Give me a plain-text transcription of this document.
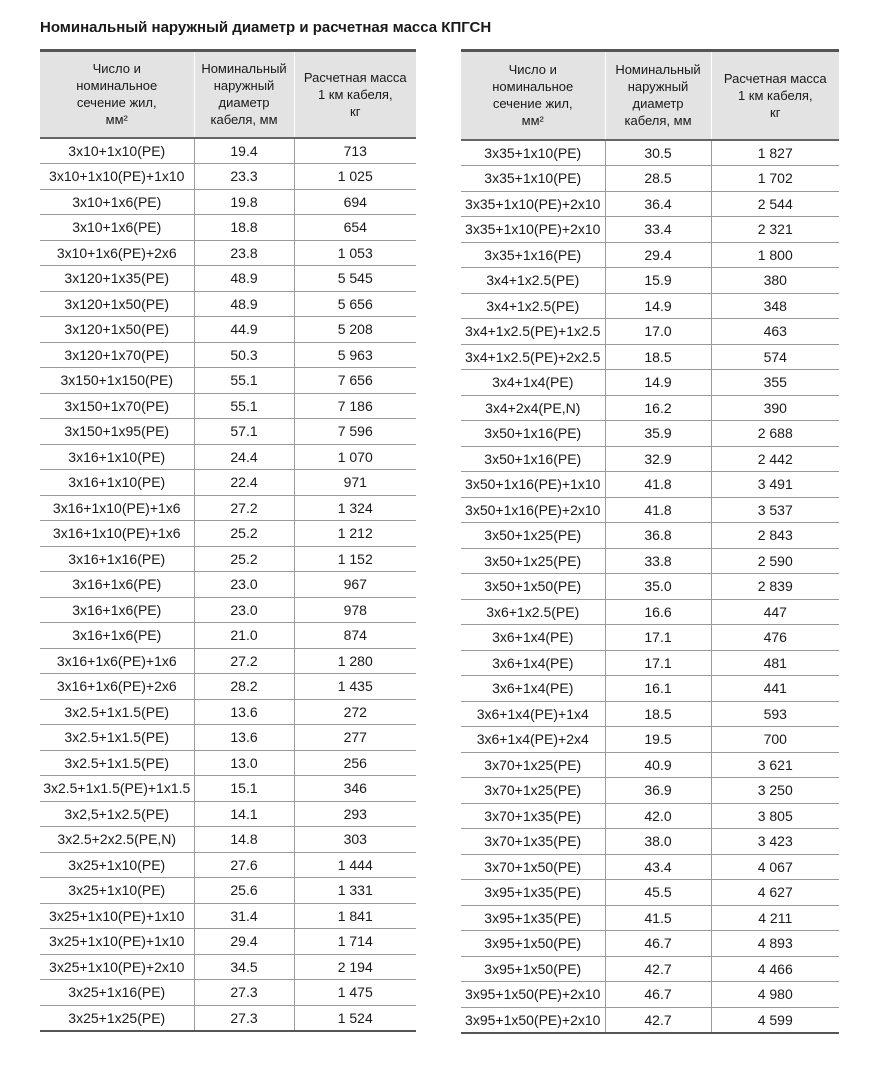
Номинальный наружный диаметр и расчетная масса КПГСН
Число и
номинальное
сечение жил,
мм²	Номинальный
наружный
диаметр
кабеля, мм	Расчетная масса
1 км кабеля,
кг

3x10+1x10(PE)	19.4	713
3x10+1x10(PE)+1x10	23.3	1 025
3x10+1x6(PE)	19.8	694
3x10+1x6(PE)	18.8	654
3x10+1x6(PE)+2x6	23.8	1 053
3x120+1x35(PE)	48.9	5 545
3x120+1x50(PE)	48.9	5 656
3x120+1x50(PE)	44.9	5 208
3x120+1x70(PE)	50.3	5 963
3x150+1x150(PE)	55.1	7 656
3x150+1x70(PE)	55.1	7 186
3x150+1x95(PE)	57.1	7 596
3x16+1x10(PE)	24.4	1 070
3x16+1x10(PE)	22.4	971
3x16+1x10(PE)+1x6	27.2	1 324
3x16+1x10(PE)+1x6	25.2	1 212
3x16+1x16(PE)	25.2	1 152
3x16+1x6(PE)	23.0	967
3x16+1x6(PE)	23.0	978
3x16+1x6(PE)	21.0	874
3x16+1x6(PE)+1x6	27.2	1 280
3x16+1x6(PE)+2x6	28.2	1 435
3x2.5+1x1.5(PE)	13.6	272
3x2.5+1x1.5(PE)	13.6	277
3x2.5+1x1.5(PE)	13.0	256
3x2.5+1x1.5(PE)+1x1.5	15.1	346
3x2,5+1x2.5(PE)	14.1	293
3x2.5+2x2.5(PE,N)	14.8	303
3x25+1x10(PE)	27.6	1 444
3x25+1x10(PE)	25.6	1 331
3x25+1x10(PE)+1x10	31.4	1 841
3x25+1x10(PE)+1x10	29.4	1 714
3x25+1x10(PE)+2x10	34.5	2 194
3x25+1x16(PE)	27.3	1 475
3x25+1x25(PE)	27.3	1 524
Число и
номинальное
сечение жил,
мм²	Номинальный
наружный
диаметр
кабеля, мм	Расчетная масса
1 км кабеля,
кг

3x35+1x10(PE)	30.5	1 827
3x35+1x10(PE)	28.5	1 702
3x35+1x10(PE)+2x10	36.4	2 544
3x35+1x10(PE)+2x10	33.4	2 321
3x35+1x16(PE)	29.4	1 800
3x4+1x2.5(PE)	15.9	380
3x4+1x2.5(PE)	14.9	348
3x4+1x2.5(PE)+1x2.5	17.0	463
3x4+1x2.5(PE)+2x2.5	18.5	574
3x4+1x4(PE)	14.9	355
3x4+2x4(PE,N)	16.2	390
3x50+1x16(PE)	35.9	2 688
3x50+1x16(PE)	32.9	2 442
3x50+1x16(PE)+1x10	41.8	3 491
3x50+1x16(PE)+2x10	41.8	3 537
3x50+1x25(PE)	36.8	2 843
3x50+1x25(PE)	33.8	2 590
3x50+1x50(PE)	35.0	2 839
3x6+1x2.5(PE)	16.6	447
3x6+1x4(PE)	17.1	476
3x6+1x4(PE)	17.1	481
3x6+1x4(PE)	16.1	441
3x6+1x4(PE)+1x4	18.5	593
3x6+1x4(PE)+2x4	19.5	700
3x70+1x25(PE)	40.9	3 621
3x70+1x25(PE)	36.9	3 250
3x70+1x35(PE)	42.0	3 805
3x70+1x35(PE)	38.0	3 423
3x70+1x50(PE)	43.4	4 067
3x95+1x35(PE)	45.5	4 627
3x95+1x35(PE)	41.5	4 211
3x95+1x50(PE)	46.7	4 893
3x95+1x50(PE)	42.7	4 466
3x95+1x50(PE)+2x10	46.7	4 980
3x95+1x50(PE)+2x10	42.7	4 599
